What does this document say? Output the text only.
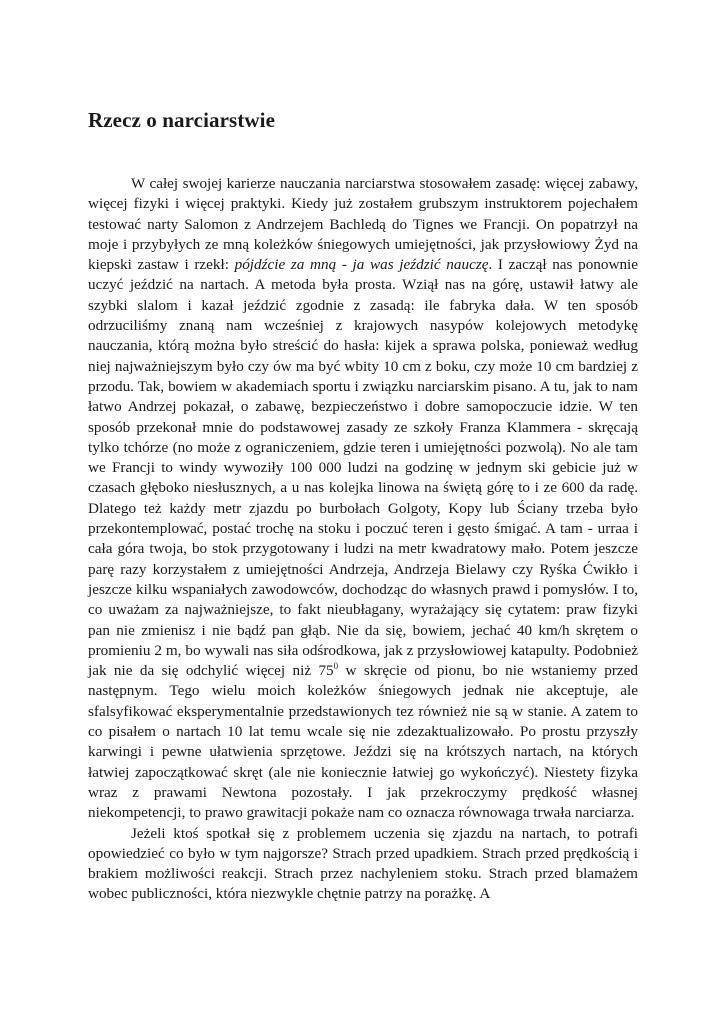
Rzecz o narciarstwie

W całej swojej karierze nauczania narciarstwa stosowałem zasadę: więcej zabawy, więcej fizyki i więcej praktyki. Kiedy już zostałem grubszym instruktorem pojechałem testować narty Salomon z Andrzejem Bachledą do Tignes we Francji. On popatrzył na moje i przybyłych ze mną koleżków śniegowych umiejętności, jak przysłowiowy Żyd na kiepski zastaw i rzekł: pójdźcie za mną - ja was jeździć nauczę. I zaczął nas ponownie uczyć jeździć na nartach. A metoda była prosta. Wziął nas na górę, ustawił łatwy ale szybki slalom i kazał jeździć zgodnie z zasadą: ile fabryka dała. W ten sposób odrzuciliśmy znaną nam wcześniej z krajowych nasypów kolejowych metodykę nauczania, którą można było streścić do hasła: kijek a sprawa polska, ponieważ według niej najważniejszym było czy ów ma być wbity 10 cm z boku, czy może 10 cm bardziej z przodu. Tak, bowiem w akademiach sportu i związku narciarskim pisano. A tu, jak to nam łatwo Andrzej pokazał, o zabawę, bezpieczeństwo i dobre samopoczucie idzie. W ten sposób przekonał mnie do podstawowej zasady ze szkoły Franza Klammera - skręcają tylko tchórze (no może z ograniczeniem, gdzie teren i umiejętności pozwolą). No ale tam we Francji to windy wywoziły 100 000 ludzi na godzinę w jednym ski gebicie już w czasach głęboko niesłusznych, a u nas kolejka linowa na świętą górę to i ze 600 da radę. Dlatego też każdy metr zjazdu po burbołach Golgoty, Kopy lub Ściany trzeba było przekontemplować, postać trochę na stoku i poczuć teren i gęsto śmigać. A tam - urraa i cała góra twoja, bo stok przygotowany i ludzi na metr kwadratowy mało. Potem jeszcze parę razy korzystałem z umiejętności Andrzeja, Andrzeja Bielawy czy Ryśka Ćwikło i jeszcze kilku wspaniałych zawodowców, dochodząc do własnych prawd i pomysłów. I to, co uważam za najważniejsze, to fakt nieubłagany, wyrażający się cytatem: praw fizyki pan nie zmienisz i nie bądź pan głąb. Nie da się, bowiem, jechać 40 km/h skrętem o promieniu 2 m, bo wywali nas siła odśrodkowa, jak z przysłowiowej katapulty. Podobnież jak nie da się odchylić więcej niż $75^0$ w skręcie od pionu, bo nie wstaniemy przed następnym. Tego wielu moich koleżków śniegowych jednak nie akceptuje, ale sfalsyfikować eksperymentalnie przedstawionych tez również nie są w stanie. A zatem to co pisałem o nartach 10 lat temu wcale się nie zdezaktualizowało. Po prostu przyszły karwingi i pewne ułatwienia sprzętowe. Jeździ się na krótszych nartach, na których łatwiej zapoczątkować skręt (ale nie koniecznie łatwiej go wykończyć). Niestety fizyka wraz z prawami Newtona pozostały. I jak przekroczymy prędkość własnej niekompetencji, to prawo grawitacji pokaże nam co oznacza równowaga trwała narciarza.

Jeżeli ktoś spotkał się z problemem uczenia się zjazdu na nartach, to potrafi opowiedzieć co było w tym najgorsze? Strach przed upadkiem. Strach przed prędkością i brakiem możliwości reakcji. Strach przez nachyleniem stoku. Strach przed blamażem wobec publiczności, która niezwykle chętnie patrzy na porażkę. A
